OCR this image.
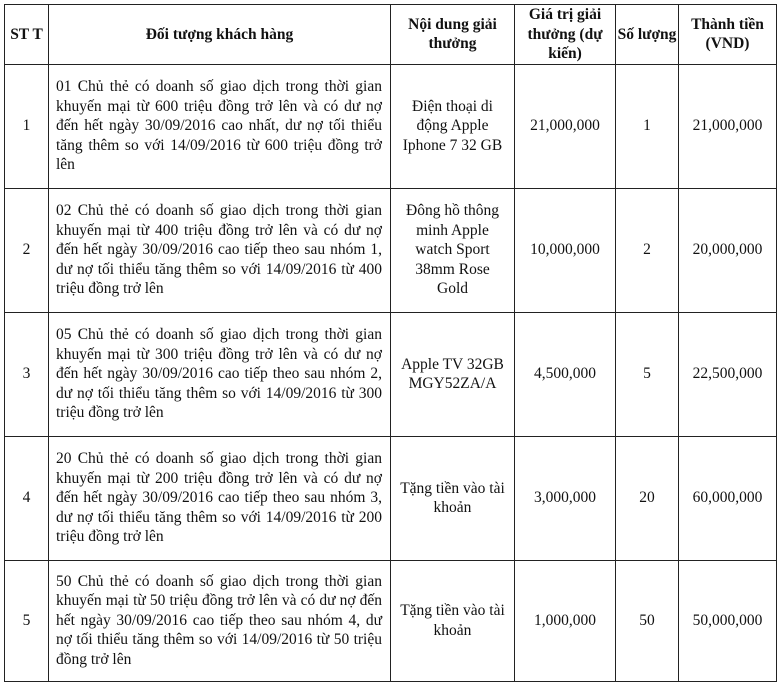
ST T	Đối tượng khách hàng	Nội dung giải thưởng	Giá trị giải thưởng (dự kiến)	Số lượng	Thành tiền (VND)
1	01 Chủ thẻ có doanh số giao dịch trong thời gian khuyến mại từ 600 triệu đồng trở lên và có dư nợ đến hết ngày 30/09/2016 cao nhất, dư nợ tối thiểu tăng thêm so với 14/09/2016 từ 600 triệu đồng trở lên	Điện thoại di động Apple Iphone 7 32 GB	21,000,000	1	21,000,000
2	02 Chủ thẻ có doanh số giao dịch trong thời gian khuyến mại từ 400 triệu đồng trở lên và có dư nợ đến hết ngày 30/09/2016 cao tiếp theo sau nhóm 1, dư nợ tối thiểu tăng thêm so với 14/09/2016 từ 400 triệu đồng trở lên	Đông hồ thông minh Apple watch Sport 38mm Rose Gold	10,000,000	2	20,000,000
3	05 Chủ thẻ có doanh số giao dịch trong thời gian khuyến mại từ 300 triệu đồng trở lên và có dư nợ đến hết ngày 30/09/2016 cao tiếp theo sau nhóm 2, dư nợ tối thiểu tăng thêm so với 14/09/2016 từ 300 triệu đồng trở lên	Apple TV 32GB MGY52ZA/A	4,500,000	5	22,500,000
4	20 Chủ thẻ có doanh số giao dịch trong thời gian khuyến mại từ 200 triệu đồng trở lên và có dư nợ đến hết ngày 30/09/2016 cao tiếp theo sau nhóm 3, dư nợ tối thiểu tăng thêm so với 14/09/2016 từ 200 triệu đồng trở lên	Tặng tiền vào tài khoản	3,000,000	20	60,000,000
5	50 Chủ thẻ có doanh số giao dịch trong thời gian khuyến mại từ 50 triệu đồng trở lên và có dư nợ đến hết ngày 30/09/2016 cao tiếp theo sau nhóm 4, dư nợ tối thiểu tăng thêm so với 14/09/2016 từ 50 triệu đồng trở lên	Tặng tiền vào tài khoản	1,000,000	50	50,000,000
